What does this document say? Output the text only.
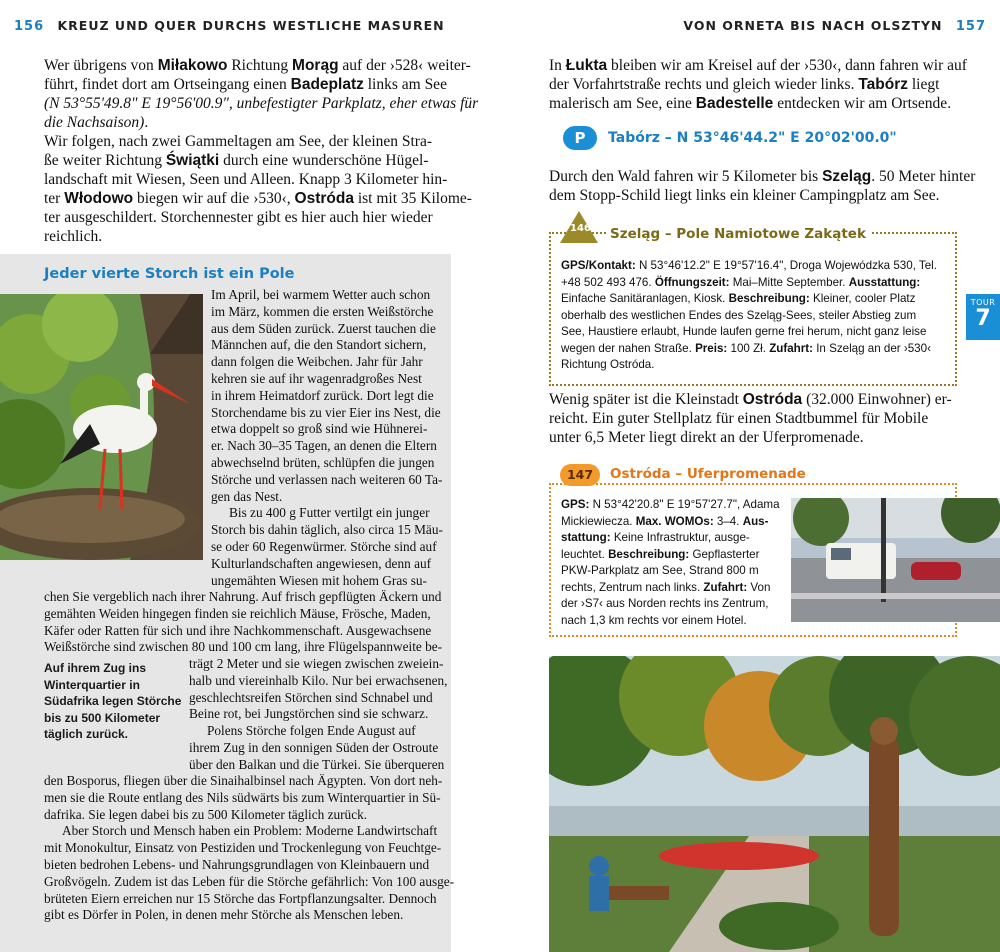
156 KREUZ UND QUER DURCHS WESTLICHE MASUREN	VON ORNETA BIS NACH OLSZTYN 157
TOUR
7
Wer übrigens von Miłakowo Richtung Morąg auf der ›528‹ weiter-
führt, findet dort am Ortseingang einen Badeplatz links am See
(N 53°55'49.8" E 19°56'00.9", unbefestigter Parkplatz, eher etwas für
die Nachsaison).
Wir folgen, nach zwei Gammeltagen am See, der kleinen Stra-
ße weiter Richtung Świątki durch eine wunderschöne Hügel-
landschaft mit Wiesen, Seen und Alleen. Knapp 3 Kilometer hin-
ter Włodowo biegen wir auf die ›530‹, Ostróda ist mit 35 Kilome-
ter ausgeschildert. Storchennester gibt es hier auch hier wieder
reichlich.
Jeder vierte Storch ist ein Pole
Im April, bei warmem Wetter auch schon
im März, kommen die ersten Weißstörche
aus dem Süden zurück. Zuerst tauchen die
Männchen auf, die den Standort sichern,
dann folgen die Weibchen. Jahr für Jahr
kehren sie auf ihr wagenradgroßes Nest
in ihrem Heimatdorf zurück. Dort legt die
Storchendame bis zu vier Eier ins Nest, die
etwa doppelt so groß sind wie Hühnerei-
er. Nach 30–35 Tagen, an denen die Eltern
abwechselnd brüten, schlüpfen die jungen
Störche und verlassen nach weiteren 60 Ta-
gen das Nest.
Bis zu 400 g Futter vertilgt ein junger
Storch bis dahin täglich, also circa 15 Mäu-
se oder 60 Regenwürmer. Störche sind auf
Kulturlandschaften angewiesen, denn auf
ungemähten Wiesen mit hohem Gras su-
chen Sie vergeblich nach ihrer Nahrung. Auf frisch gepflügten Äckern und
gemähten Weiden hingegen finden sie reichlich Mäuse, Frösche, Maden,
Käfer oder Ratten für sich und ihre Nachkommenschaft. Ausgewachsene
Weißstörche sind zwischen 80 und 100 cm lang, ihre Flügelspannweite be-
trägt 2 Meter und sie wiegen zwischen zweiein-
halb und viereinhalb Kilo. Nur bei erwachsenen,
geschlechtsreifen Störchen sind Schnabel und
Beine rot, bei Jungstörchen sind sie schwarz.
Polens Störche folgen Ende August auf
ihrem Zug in den sonnigen Süden der Ostroute
über den Balkan und die Türkei. Sie überqueren
Auf ihrem Zug ins
Winterquartier in
Südafrika legen Störche
bis zu 500 Kilometer
täglich zurück.
den Bosporus, fliegen über die Sinaihalbinsel nach Ägypten. Von dort neh-
men sie die Route entlang des Nils südwärts bis zum Winterquartier in Sü-
dafrika. Sie legen dabei bis zu 500 Kilometer täglich zurück.
Aber Storch und Mensch haben ein Problem: Moderne Landwirtschaft
mit Monokultur, Einsatz von Pestiziden und Trockenlegung von Feuchtge-
bieten bedrohen Lebens- und Nahrungsgrundlagen von Kleinbauern und
Großvögeln. Zudem ist das Leben für die Störche gefährlich: Von 100 ausge-
brüteten Eiern erreichen nur 15 Störche das Fortpflanzungsalter. Dennoch
gibt es Dörfer in Polen, in denen mehr Störche als Menschen leben.
In Łukta bleiben wir am Kreisel auf der ›530‹, dann fahren wir auf
der Vorfahrtstraße rechts und gleich wieder links. Tabórz liegt
malerisch am See, eine Badestelle entdecken wir am Ortsende.
P	Tabórz – N 53°46'44.2" E 20°02'00.0"
Durch den Wald fahren wir 5 Kilometer bis Szeląg. 50 Meter hinter
dem Stopp-Schild liegt links ein kleiner Campingplatz am See.
146 Szeląg – Pole Namiotowe Zakątek
GPS/Kontakt: N 53°46'12.2" E 19°57'16.4", Droga Wojewódzka 530, Tel.
+48 502 493 476. Öffnungszeit: Mai–Mitte September. Ausstattung:
Einfache Sanitäranlagen, Kiosk. Beschreibung: Kleiner, cooler Platz
oberhalb des westlichen Endes des Szeląg-Sees, steiler Abstieg zum
See, Haustiere erlaubt, Hunde laufen gerne frei herum, nicht ganz leise
wegen der nahen Straße. Preis: 100 Zł. Zufahrt: In Szeląg an der ›530‹
Richtung Ostróda.
Wenig später ist die Kleinstadt Ostróda (32.000 Einwohner) er-
reicht. Ein guter Stellplatz für einen Stadtbummel für Mobile
unter 6,5 Meter liegt direkt an der Uferpromenade.
147	Ostróda – Uferpromenade
GPS: N 53°42'20.8" E 19°57'27.7", Adama
Mickiewiecza. Max. WOMOs: 3–4. Aus-
stattung: Keine Infrastruktur, ausge-
leuchtet. Beschreibung: Gepflasterter
PKW-Parkplatz am See, Strand 800 m
rechts, Zentrum nach links. Zufahrt: Von
der ›S7‹ aus Norden rechts ins Zentrum,
nach 1,3 km rechts vor einem Hotel.
